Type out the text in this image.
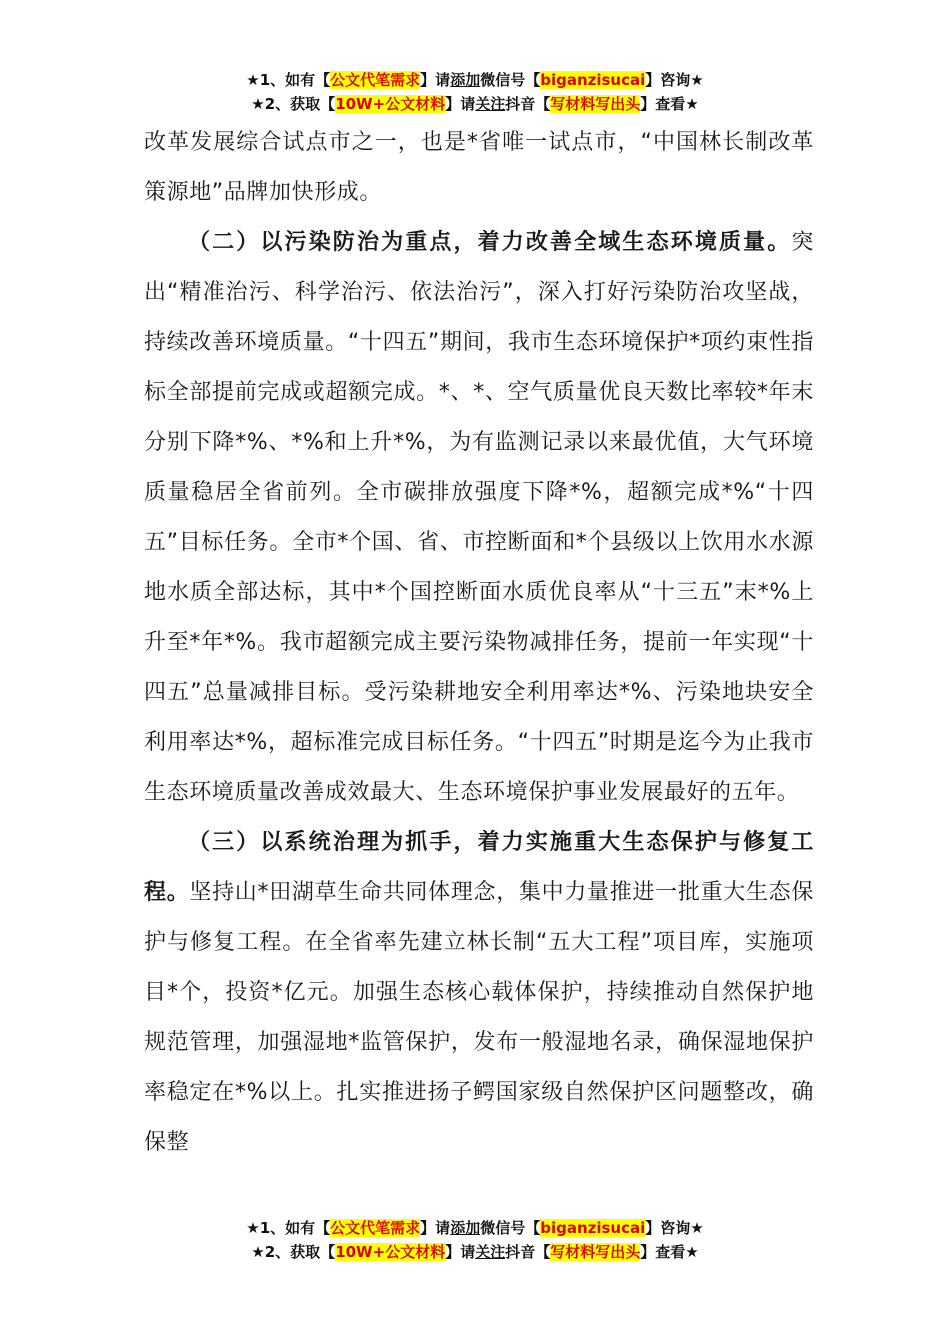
★1、如有【公文代笔需求】请添加微信号【biganzisucai】咨询★
★2、获取【10W+公文材料】请关注抖音【写材料写出头】查看★

改革发展综合试点市之一，也是*省唯一试点市，“中国林长制改革策源地”品牌加快形成。

（二）以污染防治为重点，着力改善全域生态环境质量。突出“精准治污、科学治污、依法治污”，深入打好污染防治攻坚战，持续改善环境质量。“十四五”期间，我市生态环境保护*项约束性指标全部提前完成或超额完成。*、*、空气质量优良天数比率较*年末分别下降*%、*%和上升*%，为有监测记录以来最优值，大气环境质量稳居全省前列。全市碳排放强度下降*%，超额完成*%“十四五”目标任务。全市*个国、省、市控断面和*个县级以上饮用水水源地水质全部达标，其中*个国控断面水质优良率从“十三五”末*%上升至*年*%。我市超额完成主要污染物减排任务，提前一年实现“十四五”总量减排目标。受污染耕地安全利用率达*%、污染地块安全利用率达*%，超标准完成目标任务。“十四五”时期是迄今为止我市生态环境质量改善成效最大、生态环境保护事业发展最好的五年。

（三）以系统治理为抓手，着力实施重大生态保护与修复工程。坚持山*田湖草生命共同体理念，集中力量推进一批重大生态保护与修复工程。在全省率先建立林长制“五大工程”项目库，实施项目*个，投资*亿元。加强生态核心载体保护，持续推动自然保护地规范管理，加强湿地*监管保护，发布一般湿地名录，确保湿地保护率稳定在*%以上。扎实推进扬子鳄国家级自然保护区问题整改，确保整

★1、如有【公文代笔需求】请添加微信号【biganzisucai】咨询★
★2、获取【10W+公文材料】请关注抖音【写材料写出头】查看★
